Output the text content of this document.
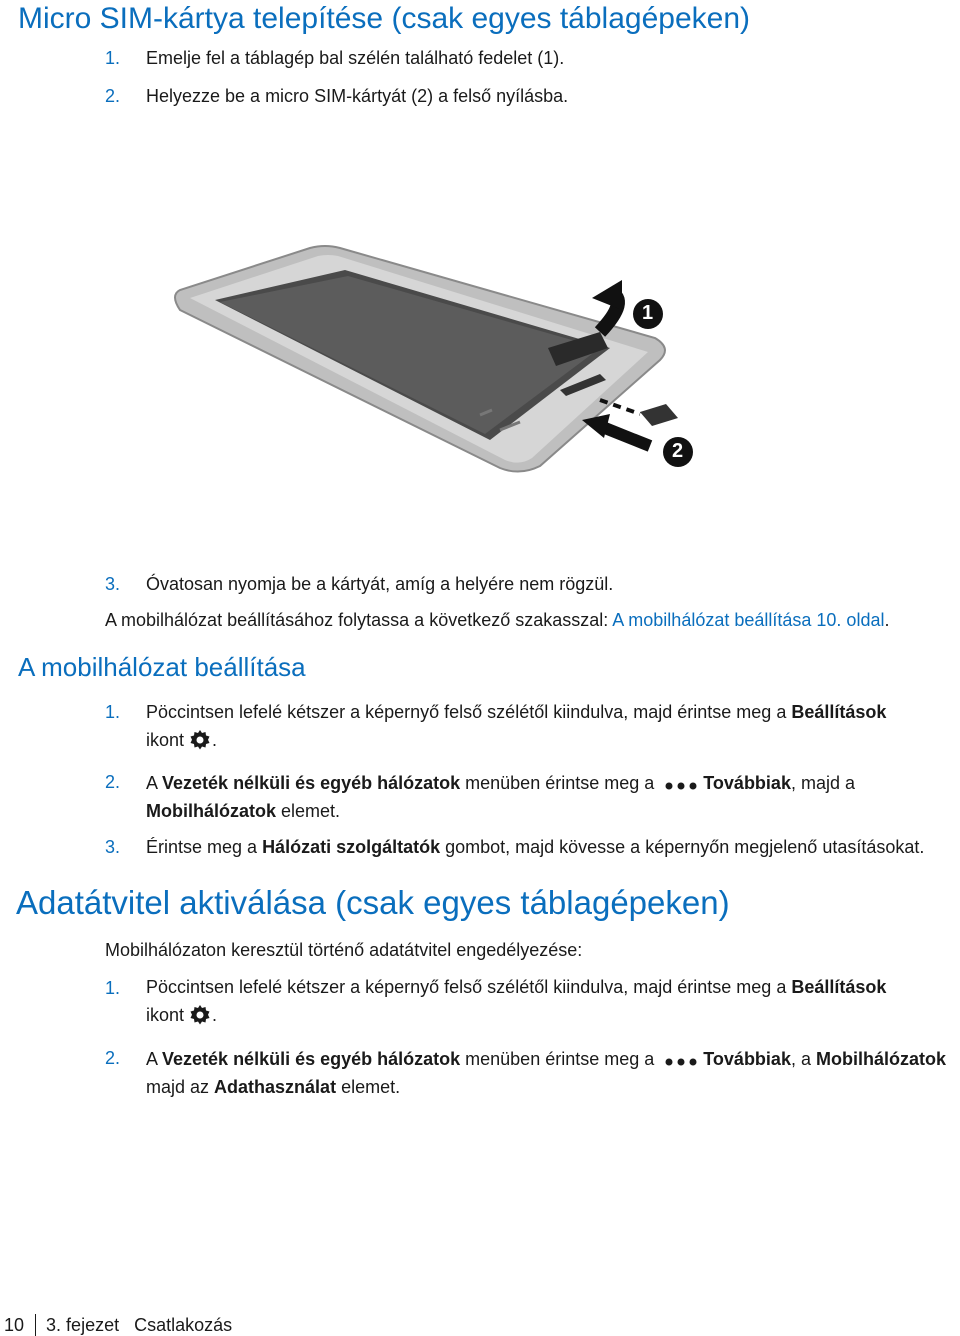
Micro SIM-kártya telepítése (csak egyes táblagépeken)
1. Emelje fel a táblagép bal szélén található fedelet (1).
2. Helyezze be a micro SIM-kártyát (2) a felső nyílásba.
1
2
3. Óvatosan nyomja be a kártyát, amíg a helyére nem rögzül.
A mobilhálózat beállításához folytassa a következő szakasszal: A mobilhálózat beállítása 10. oldal.
A mobilhálózat beállítása
1. Pöccintsen lefelé kétszer a képernyő felső szélétől kiindulva, majd érintse meg a Beállítások
ikont .
2. A Vezeték nélküli és egyéb hálózatok menüben érintse meg a Továbbiak, majd a
Mobilhálózatok elemet.
3. Érintse meg a Hálózati szolgáltatók gombot, majd kövesse a képernyőn megjelenő utasításokat.
Adatátvitel aktiválása (csak egyes táblagépeken)
Mobilhálózaton keresztül történő adatátvitel engedélyezése:
1. Pöccintsen lefelé kétszer a képernyő felső szélétől kiindulva, majd érintse meg a Beállítások
ikont .
2. A Vezeték nélküli és egyéb hálózatok menüben érintse meg a Továbbiak, a Mobilhálózatok
majd az Adathasználat elemet.
10 3. fejezet Csatlakozás
